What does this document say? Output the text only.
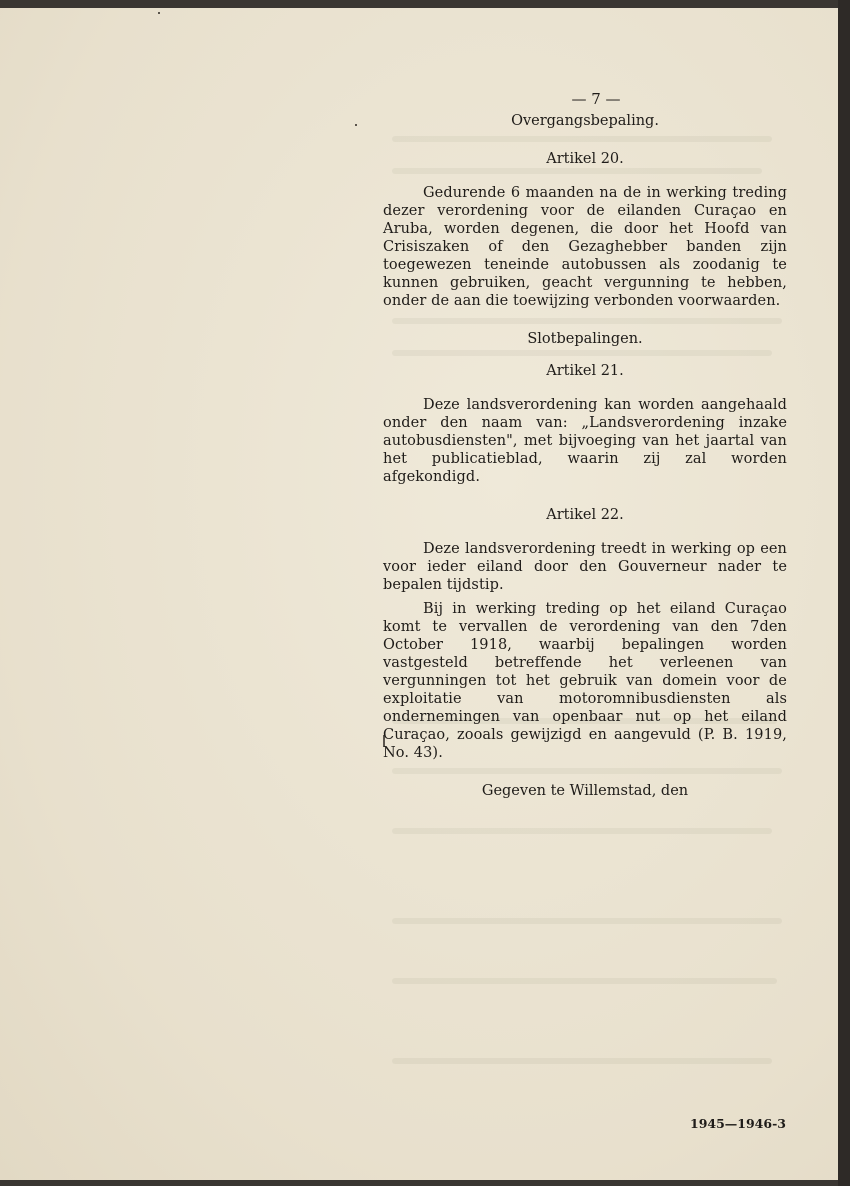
— 7 —

Overgangsbepaling.

Artikel 20.

Gedurende 6 maanden na de in werking treding dezer verordening voor de eilanden Curaçao en Aruba, worden degenen, die door het Hoofd van Crisiszaken of den Gezaghebber banden zijn toegewezen teneinde autobussen als zoodanig te kunnen gebruiken, geacht vergunning te hebben, onder de aan die toewijzing verbonden voorwaarden.

Slotbepalingen.

Artikel 21.

Deze landsverordening kan worden aangehaald onder den naam van: „Landsverordening inzake autobusdiensten", met bijvoeging van het jaartal van het publicatieblad, waarin zij zal worden afgekondigd.

Artikel 22.

Deze landsverordening treedt in werking op een voor ieder eiland door den Gouverneur nader te bepalen tijdstip.

Bij in werking treding op het eiland Curaçao komt te vervallen de verordening van den 7den October 1918, waarbij bepalingen worden vastgesteld betreffende het verleenen van vergunningen tot het gebruik van domein voor de exploitatie van motoromnibusdiensten als ondernemingen van openbaar nut op het eiland Curaçao, zooals gewijzigd en aangevuld (P. B. 1919, No. 43).

Gegeven te Willemstad, den

1945—1946-3
